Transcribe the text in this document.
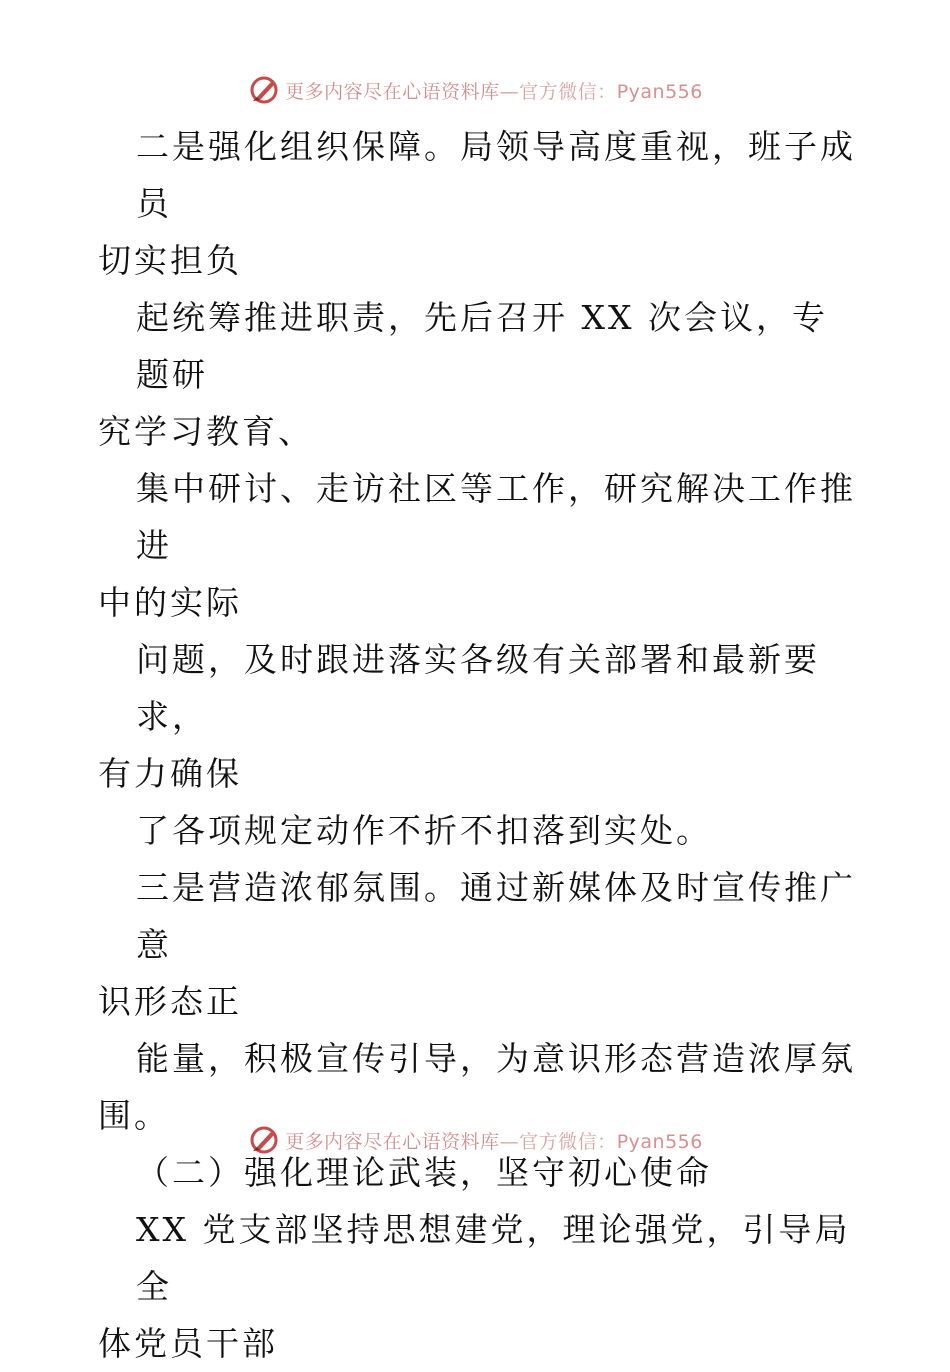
更多内容尽在心语资料库—官方微信：Pyan556

二是强化组织保障。局领导高度重视，班子成员

切实担负

起统筹推进职责，先后召开 XX 次会议，专题研

究学习教育、

集中研讨、走访社区等工作，研究解决工作推进

中的实际

问题，及时跟进落实各级有关部署和最新要求，

有力确保

了各项规定动作不折不扣落到实处。

三是营造浓郁氛围。通过新媒体及时宣传推广意

识形态正

能量，积极宣传引导，为意识形态营造浓厚氛

围。

（二）强化理论武装，坚守初心使命

XX 党支部坚持思想建党，理论强党，引导局全

体党员干部

更多内容尽在心语资料库—官方微信：Pyan556
